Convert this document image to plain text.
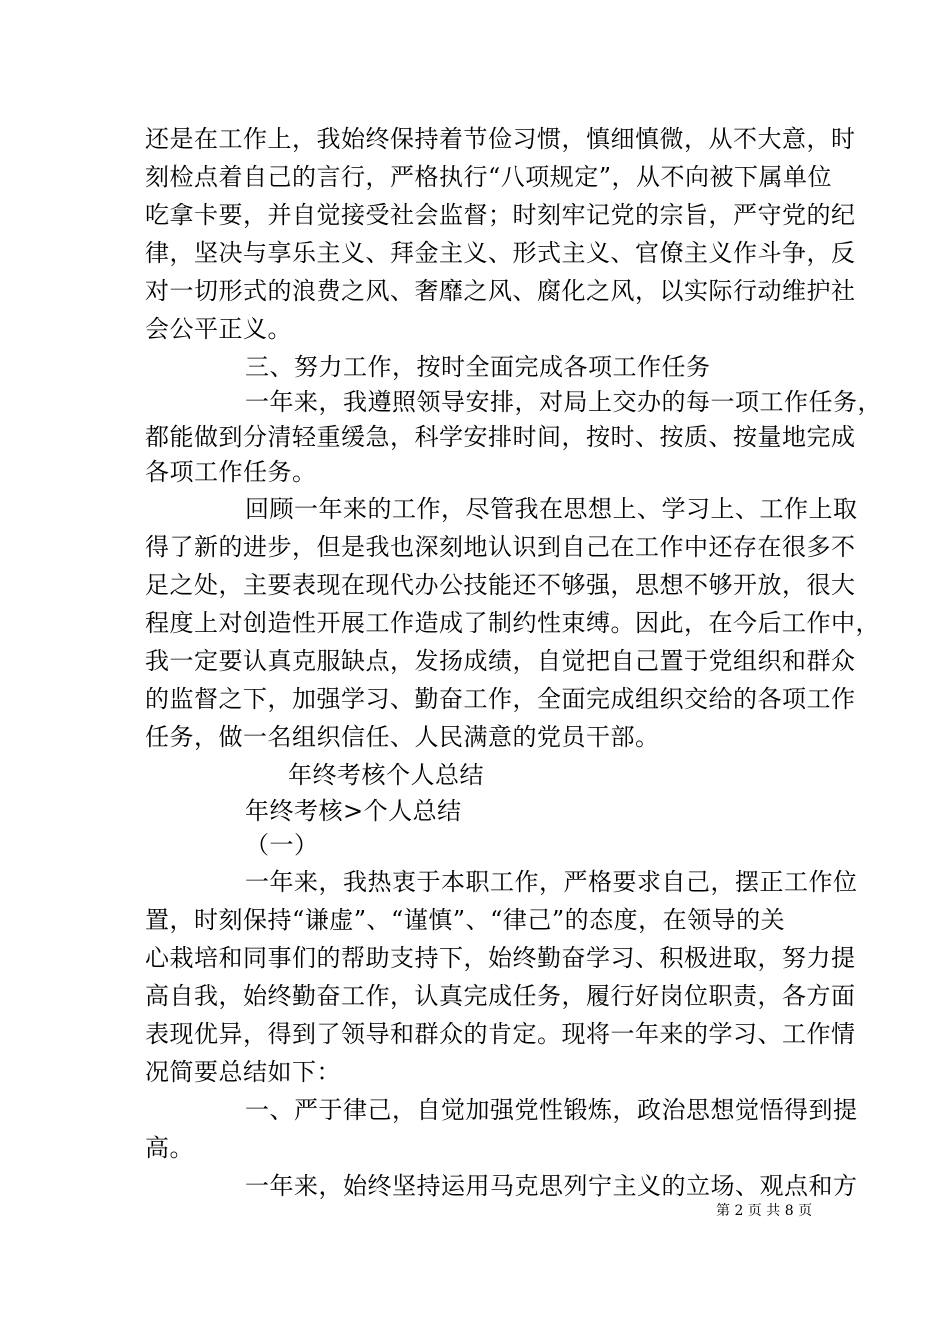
还是在工作上，我始终保持着节俭习惯，慎细慎微，从不大意，时
刻检点着自己的言行，严格执行“八项规定”，从不向被下属单位
吃拿卡要，并自觉接受社会监督；时刻牢记党的宗旨，严守党的纪
律，坚决与享乐主义、拜金主义、形式主义、官僚主义作斗争，反
对一切形式的浪费之风、奢靡之风、腐化之风，以实际行动维护社
会公平正义。
三、努力工作，按时全面完成各项工作任务
一年来，我遵照领导安排，对局上交办的每一项工作任务，
都能做到分清轻重缓急，科学安排时间，按时、按质、按量地完成
各项工作任务。
回顾一年来的工作，尽管我在思想上、学习上、工作上取
得了新的进步，但是我也深刻地认识到自己在工作中还存在很多不
足之处，主要表现在现代办公技能还不够强，思想不够开放，很大
程度上对创造性开展工作造成了制约性束缚。因此，在今后工作中，
我一定要认真克服缺点，发扬成绩，自觉把自己置于党组织和群众
的监督之下，加强学习、勤奋工作，全面完成组织交给的各项工作
任务，做一名组织信任、人民满意的党员干部。
年终考核个人总结
年终考核>个人总结
（一）
一年来，我热衷于本职工作，严格要求自己，摆正工作位
置，时刻保持“谦虚”、“谨慎”、“律己”的态度，在领导的关
心栽培和同事们的帮助支持下，始终勤奋学习、积极进取，努力提
高自我，始终勤奋工作，认真完成任务，履行好岗位职责，各方面
表现优异，得到了领导和群众的肯定。现将一年来的学习、工作情
况简要总结如下：
一、严于律己，自觉加强党性锻炼，政治思想觉悟得到提
高。
一年来，始终坚持运用马克思列宁主义的立场、观点和方
第 2 页 共 8 页
